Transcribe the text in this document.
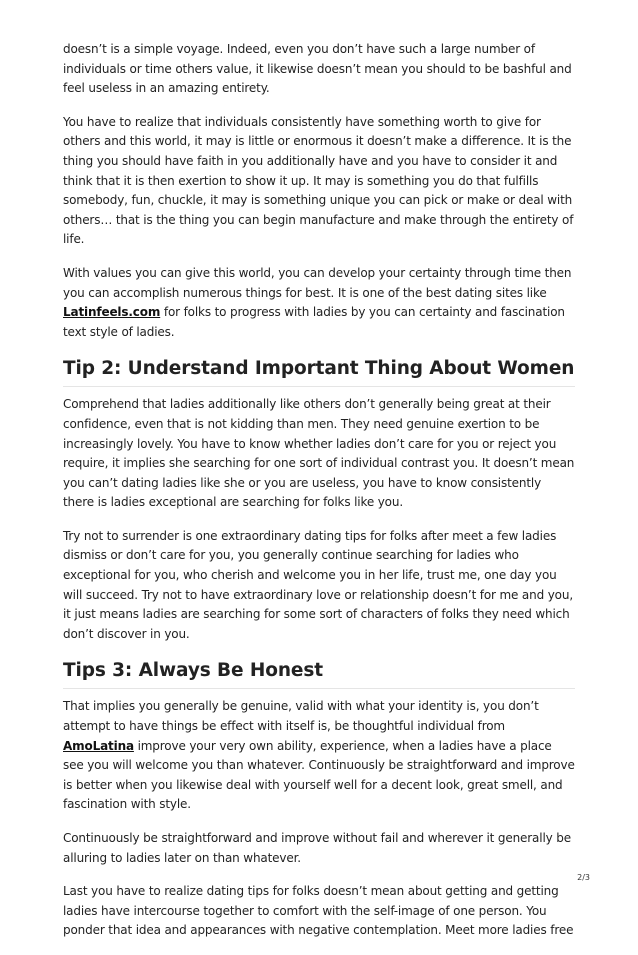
doesn’t is a simple voyage. Indeed, even you don’t have such a large number of individuals or time others value, it likewise doesn’t mean you should to be bashful and feel useless in an amazing entirety.

You have to realize that individuals consistently have something worth to give for others and this world, it may is little or enormous it doesn’t make a difference. It is the thing you should have faith in you additionally have and you have to consider it and think that it is then exertion to show it up. It may is something you do that fulfills somebody, fun, chuckle, it may is something unique you can pick or make or deal with others… that is the thing you can begin manufacture and make through the entirety of life.

With values you can give this world, you can develop your certainty through time then you can accomplish numerous things for best. It is one of the best dating sites like Latinfeels.com for folks to progress with ladies by you can certainty and fascination text style of ladies.

Tip 2: Understand Important Thing About Women

Comprehend that ladies additionally like others don’t generally being great at their confidence, even that is not kidding than men. They need genuine exertion to be increasingly lovely. You have to know whether ladies don’t care for you or reject you require, it implies she searching for one sort of individual contrast you. It doesn’t mean you can’t dating ladies like she or you are useless, you have to know consistently there is ladies exceptional are searching for folks like you.

Try not to surrender is one extraordinary dating tips for folks after meet a few ladies dismiss or don’t care for you, you generally continue searching for ladies who exceptional for you, who cherish and welcome you in her life, trust me, one day you will succeed. Try not to have extraordinary love or relationship doesn’t for me and you, it just means ladies are searching for some sort of characters of folks they need which don’t discover in you.

Tips 3: Always Be Honest

That implies you generally be genuine, valid with what your identity is, you don’t attempt to have things be effect with itself is, be thoughtful individual from AmoLatina improve your very own ability, experience, when a ladies have a place see you will welcome you than whatever. Continuously be straightforward and improve is better when you likewise deal with yourself well for a decent look, great smell, and fascination with style.

Continuously be straightforward and improve without fail and wherever it generally be alluring to ladies later on than whatever.

Last you have to realize dating tips for folks doesn’t mean about getting and getting ladies have intercourse together to comfort with the self-image of one person. You ponder that idea and appearances with negative contemplation. Meet more ladies free

2/3
